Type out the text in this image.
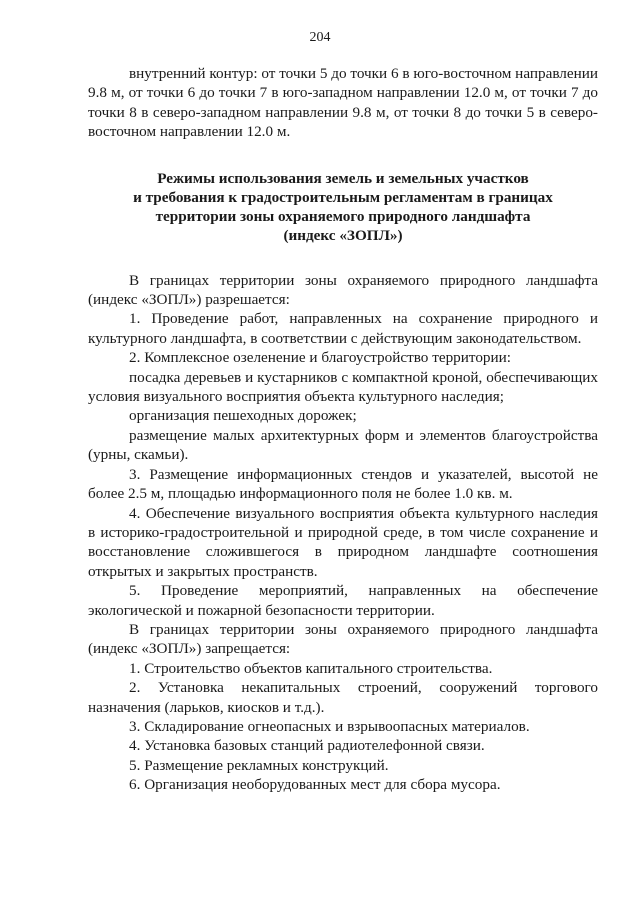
204

внутренний контур: от точки 5 до точки 6 в юго-восточном направлении 9.8 м, от точки 6 до точки 7 в юго-западном направлении 12.0 м, от точки 7 до точки 8 в северо-западном направлении 9.8 м, от точки 8 до точки 5 в северо-восточном направлении 12.0 м.

Режимы использования земель и земельных участков
и требования к градостроительным регламентам в границах
территории зоны охраняемого природного ландшафта
(индекс «ЗОПЛ»)

В границах территории зоны охраняемого природного ландшафта (индекс «ЗОПЛ») разрешается:

1. Проведение работ, направленных на сохранение природного и культурного ландшафта, в соответствии с действующим законодательством.

2. Комплексное озеленение и благоустройство территории:

посадка деревьев и кустарников с компактной кроной, обеспечивающих условия визуального восприятия объекта культурного наследия;

организация пешеходных дорожек;

размещение малых архитектурных форм и элементов благоустройства (урны, скамьи).

3. Размещение информационных стендов и указателей, высотой не более 2.5 м, площадью информационного поля не более 1.0 кв. м.

4. Обеспечение визуального восприятия объекта культурного наследия в историко-градостроительной и природной среде, в том числе сохранение и восстановление сложившегося в природном ландшафте соотношения открытых и закрытых пространств.

5. Проведение мероприятий, направленных на обеспечение экологической и пожарной безопасности территории.

В границах территории зоны охраняемого природного ландшафта (индекс «ЗОПЛ») запрещается:

1. Строительство объектов капитального строительства.

2. Установка некапитальных строений, сооружений торгового назначения (ларьков, киосков и т.д.).

3. Складирование огнеопасных и взрывоопасных материалов.

4. Установка базовых станций радиотелефонной связи.

5. Размещение рекламных конструкций.

6. Организация необорудованных мест для сбора мусора.
